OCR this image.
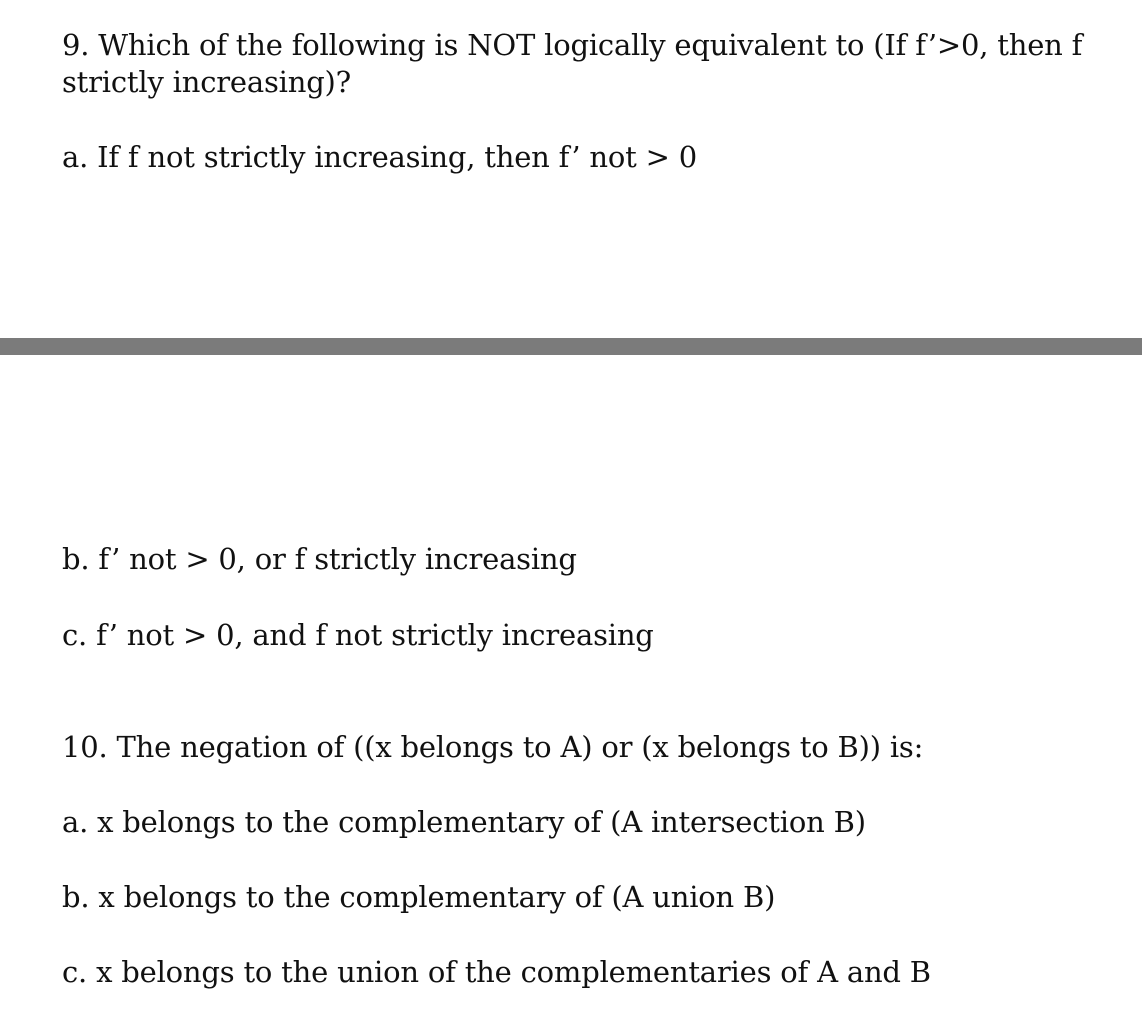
9. Which of the following is NOT logically equivalent to (If f’>0, then f
strictly increasing)?
a. If f not strictly increasing, then f’ not > 0
b. f’ not > 0, or f strictly increasing
c. f’ not > 0, and f not strictly increasing
10. The negation of ((x belongs to A) or (x belongs to B)) is:
a. x belongs to the complementary of (A intersection B)
b. x belongs to the complementary of (A union B)
c. x belongs to the union of the complementaries of A and B
